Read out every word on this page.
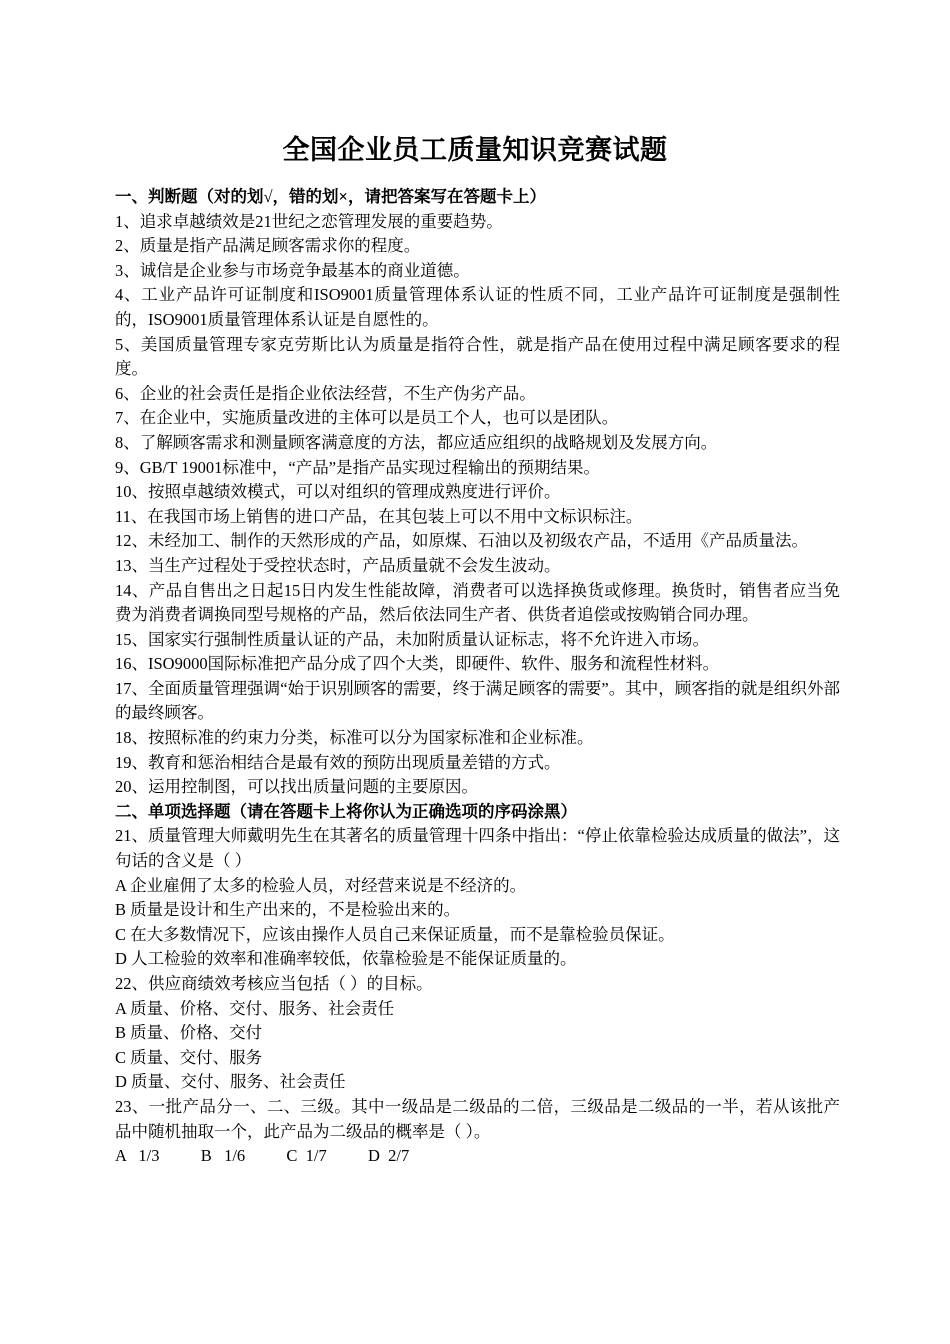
全国企业员工质量知识竞赛试题

一、判断题（对的划√，错的划×，请把答案写在答题卡上）

1、追求卓越绩效是21世纪之恋管理发展的重要趋势。

2、质量是指产品满足顾客需求你的程度。

3、诚信是企业参与市场竞争最基本的商业道德。

4、工业产品许可证制度和ISO9001质量管理体系认证的性质不同，工业产品许可证制度是强制性的，ISO9001质量管理体系认证是自愿性的。

5、美国质量管理专家克劳斯比认为质量是指符合性，就是指产品在使用过程中满足顾客要求的程度。

6、企业的社会责任是指企业依法经营，不生产伪劣产品。

7、在企业中，实施质量改进的主体可以是员工个人，也可以是团队。

8、了解顾客需求和测量顾客满意度的方法，都应适应组织的战略规划及发展方向。

9、GB/T 19001标准中，“产品”是指产品实现过程输出的预期结果。

10、按照卓越绩效模式，可以对组织的管理成熟度进行评价。

11、在我国市场上销售的进口产品，在其包装上可以不用中文标识标注。

12、未经加工、制作的天然形成的产品，如原煤、石油以及初级农产品，不适用《产品质量法。

13、当生产过程处于受控状态时，产品质量就不会发生波动。

14、产品自售出之日起15日内发生性能故障，消费者可以选择换货或修理。换货时，销售者应当免费为消费者调换同型号规格的产品，然后依法同生产者、供货者追偿或按购销合同办理。

15、国家实行强制性质量认证的产品，未加附质量认证标志，将不允许进入市场。

16、ISO9000国际标准把产品分成了四个大类，即硬件、软件、服务和流程性材料。

17、全面质量管理强调“始于识别顾客的需要，终于满足顾客的需要”。其中，顾客指的就是组织外部的最终顾客。

18、按照标准的约束力分类，标准可以分为国家标准和企业标准。

19、教育和惩治相结合是最有效的预防出现质量差错的方式。

20、运用控制图，可以找出质量问题的主要原因。

二、单项选择题（请在答题卡上将你认为正确选项的序码涂黑）

21、质量管理大师戴明先生在其著名的质量管理十四条中指出：“停止依靠检验达成质量的做法”，这句话的含义是（ ）

A 企业雇佣了太多的检验人员，对经营来说是不经济的。

B 质量是设计和生产出来的，不是检验出来的。

C 在大多数情况下，应该由操作人员自己来保证质量，而不是靠检验员保证。

D 人工检验的效率和准确率较低，依靠检验是不能保证质量的。

22、供应商绩效考核应当包括（ ）的目标。

A 质量、价格、交付、服务、社会责任

B 质量、价格、交付

C 质量、交付、服务

D 质量、交付、服务、社会责任

23、一批产品分一、二、三级。其中一级品是二级品的二倍，三级品是二级品的一半，若从该批产品中随机抽取一个，此产品为二级品的概率是（ ）。

A   1/3          B   1/6          C  1/7          D  2/7
